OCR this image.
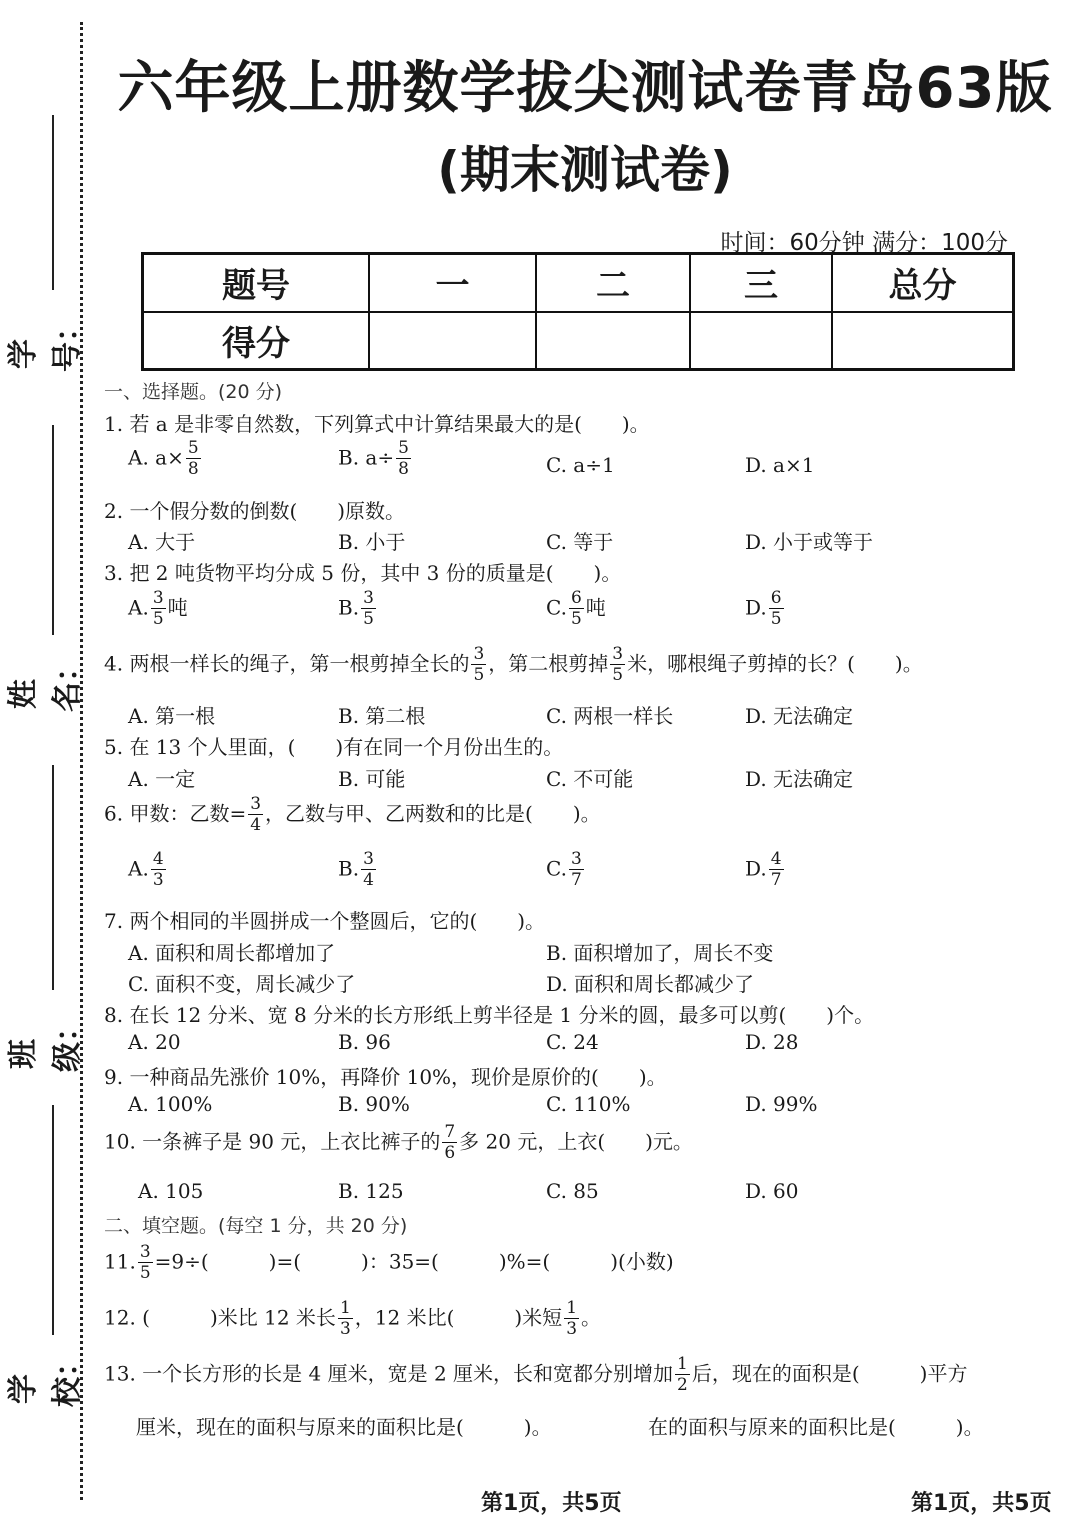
学号：
姓名：
班级：
学校：
六年级上册数学拔尖测试卷青岛63版
(期末测试卷)
时间：60分钟 满分：100分
题号	一	二	三	总分
得分				
一、选择题。(20 分)
1. 若 a 是非零自然数，下列算式中计算结果最大的是(　　)。
A. $a\times \frac{5}{8}$	B. $a\div \frac{5}{8}$	C. a÷1	D. a×1
2. 一个假分数的倒数(　　)原数。
A. 大于	B. 小于	C. 等于	D. 小于或等于
3. 把 2 吨货物平均分成 5 份，其中 3 份的质量是(　　)。
A. $\frac{3}{5}$ 吨	B. $\frac{3}{5}$	C. $\frac{6}{5}$ 吨	D. $\frac{6}{5}$
4. 两根一样长的绳子，第一根剪掉全长的 $\frac{3}{5}$ ，第二根剪掉 $\frac{3}{5}$ 米，哪根绳子剪掉的长？(　　)。
A. 第一根	B. 第二根	C. 两根一样长	D. 无法确定
5. 在 13 个人里面，(　　)有在同一个月份出生的。
A. 一定	B. 可能	C. 不可能	D. 无法确定
6. 甲数：乙数= $\frac{3}{4}$ ，乙数与甲、乙两数和的比是(　　)。
A. $\frac{4}{3}$	B. $\frac{3}{4}$	C. $\frac{3}{7}$	D. $\frac{4}{7}$
7. 两个相同的半圆拼成一个整圆后，它的(　　)。
A. 面积和周长都增加了	B. 面积增加了，周长不变
C. 面积不变，周长减少了	D. 面积和周长都减少了
8. 在长 12 分米、宽 8 分米的长方形纸上剪半径是 1 分米的圆，最多可以剪(　　)个。
A. 20	B. 96	C. 24	D. 28
9. 一种商品先涨价 10%，再降价 10%，现价是原价的(　　)。
A. 100%	B. 90%	C. 110%	D. 99%
10. 一条裤子是 90 元，上衣比裤子的 $\frac{7}{6}$ 多 20 元，上衣(　　)元。
A. 105	B. 125	C. 85	D. 60
二、填空题。(每空 1 分，共 20 分)
11. $\frac{3}{5} =9\div$(　　　)=(　　　)：35=(　　　)%=(　　　)(小数)
12. (　　　)米比 12 米长 $\frac{1}{3}$ ，12 米比(　　　)米短 $\frac{1}{3}$ 。
13. 一个长方形的长是 4 厘米，宽是 2 厘米，长和宽都分别增加 $\frac{1}{2}$ 后，现在的面积是(　　　)平方
厘米，现在的面积与原来的面积比是(　　　)。	在的面积与原来的面积比是(　　　)。
第1页，共5页	第1页，共5页
